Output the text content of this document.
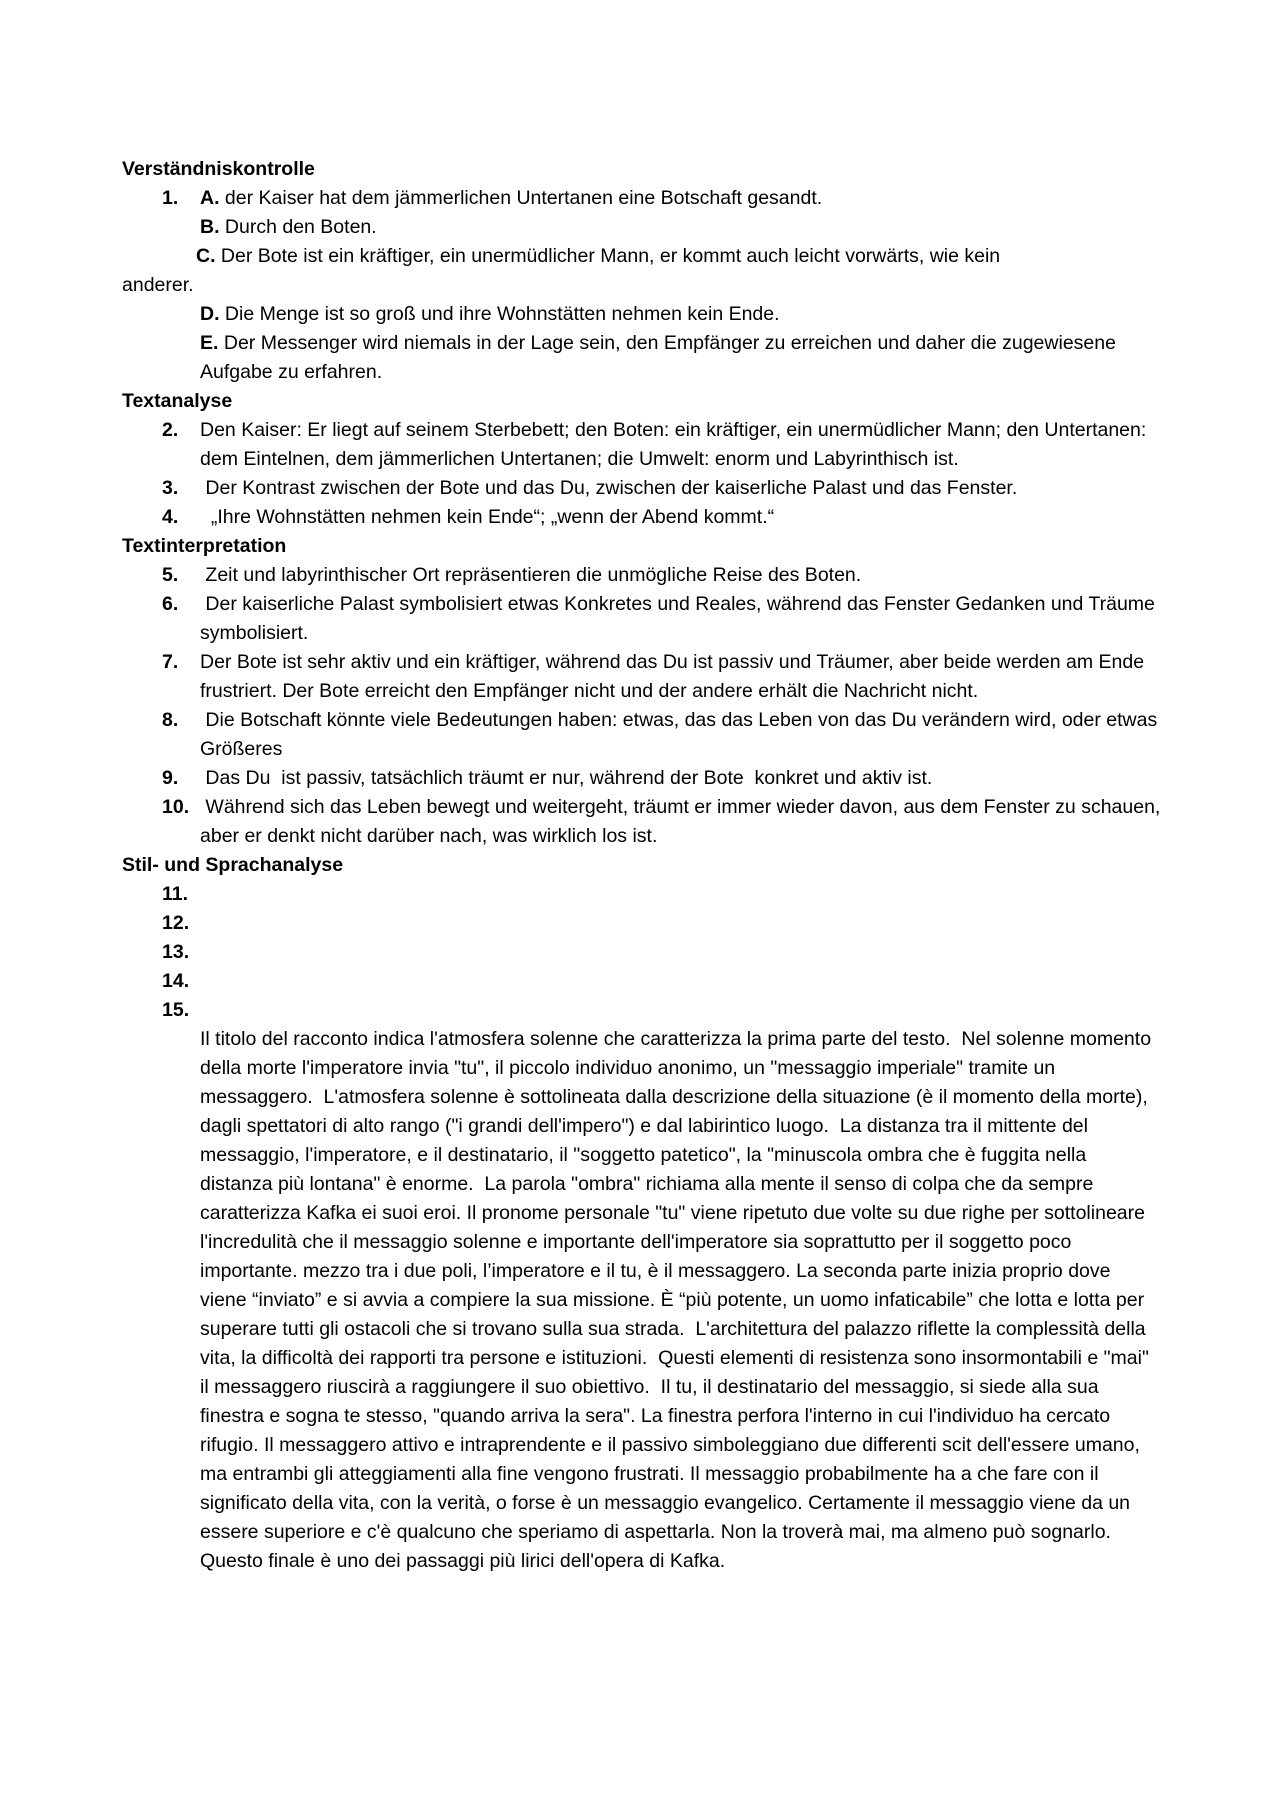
Verständniskontrolle
1. A. der Kaiser hat dem jämmerlichen Untertanen eine Botschaft gesandt.
B. Durch den Boten.
C. Der Bote ist ein kräftiger, ein unermüdlicher Mann, er kommt auch leicht vorwärts, wie kein
anderer.
D. Die Menge ist so groß und ihre Wohnstätten nehmen kein Ende.
E. Der Messenger wird niemals in der Lage sein, den Empfänger zu erreichen und daher die zugewiesene Aufgabe zu erfahren.
Textanalyse
2. Den Kaiser: Er liegt auf seinem Sterbebett; den Boten: ein kräftiger, ein unermüdlicher Mann; den Untertanen: dem Eintelnen, dem jämmerlichen Untertanen; die Umwelt: enorm und Labyrinthisch ist.
3. Der Kontrast zwischen der Bote und das Du, zwischen der kaiserliche Palast und das Fenster.
4. „Ihre Wohnstätten nehmen kein Ende“; „wenn der Abend kommt.“
Textinterpretation
5. Zeit und labyrinthischer Ort repräsentieren die unmögliche Reise des Boten.
6. Der kaiserliche Palast symbolisiert etwas Konkretes und Reales, während das Fenster Gedanken und Träume symbolisiert.
7. Der Bote ist sehr aktiv und ein kräftiger, während das Du ist passiv und Träumer, aber beide werden am Ende frustriert. Der Bote erreicht den Empfänger nicht und der andere erhält die Nachricht nicht.
8. Die Botschaft könnte viele Bedeutungen haben: etwas, das das Leben von das Du verändern wird, oder etwas Größeres
9. Das Du  ist passiv, tatsächlich träumt er nur, während der Bote  konkret und aktiv ist.
10. Während sich das Leben bewegt und weitergeht, träumt er immer wieder davon, aus dem Fenster zu schauen, aber er denkt nicht darüber nach, was wirklich los ist.
Stil- und Sprachanalyse
11.
12.
13.
14.
15.
Il titolo del racconto indica l'atmosfera solenne che caratterizza la prima parte del testo.  Nel solenne momento della morte l'imperatore invia "tu", il piccolo individuo anonimo, un "messaggio imperiale" tramite un messaggero.  L'atmosfera solenne è sottolineata dalla descrizione della situazione (è il momento della morte), dagli spettatori di alto rango ("i grandi dell'impero") e dal labirintico luogo.  La distanza tra il mittente del messaggio, l'imperatore, e il destinatario, il "soggetto patetico", la "minuscola ombra che è fuggita nella distanza più lontana" è enorme.  La parola "ombra" richiama alla mente il senso di colpa che da sempre caratterizza Kafka ei suoi eroi. Il pronome personale "tu" viene ripetuto due volte su due righe per sottolineare l'incredulità che il messaggio solenne e importante dell'imperatore sia soprattutto per il soggetto poco importante. mezzo tra i due poli, l’imperatore e il tu, è il messaggero. La seconda parte inizia proprio dove viene “inviato” e si avvia a compiere la sua missione. È “più potente, un uomo infaticabile” che lotta e lotta per superare tutti gli ostacoli che si trovano sulla sua strada.  L'architettura del palazzo riflette la complessità della vita, la difficoltà dei rapporti tra persone e istituzioni.  Questi elementi di resistenza sono insormontabili e "mai" il messaggero riuscirà a raggiungere il suo obiettivo.  Il tu, il destinatario del messaggio, si siede alla sua finestra e sogna te stesso, "quando arriva la sera". La finestra perfora l'interno in cui l'individuo ha cercato rifugio. Il messaggero attivo e intraprendente e il passivo simboleggiano due differenti scit dell'essere umano, ma entrambi gli atteggiamenti alla fine vengono frustrati. Il messaggio probabilmente ha a che fare con il significato della vita, con la verità, o forse è un messaggio evangelico. Certamente il messaggio viene da un essere superiore e c'è qualcuno che speriamo di aspettarla. Non la troverà mai, ma almeno può sognarlo. Questo finale è uno dei passaggi più lirici dell'opera di Kafka.
